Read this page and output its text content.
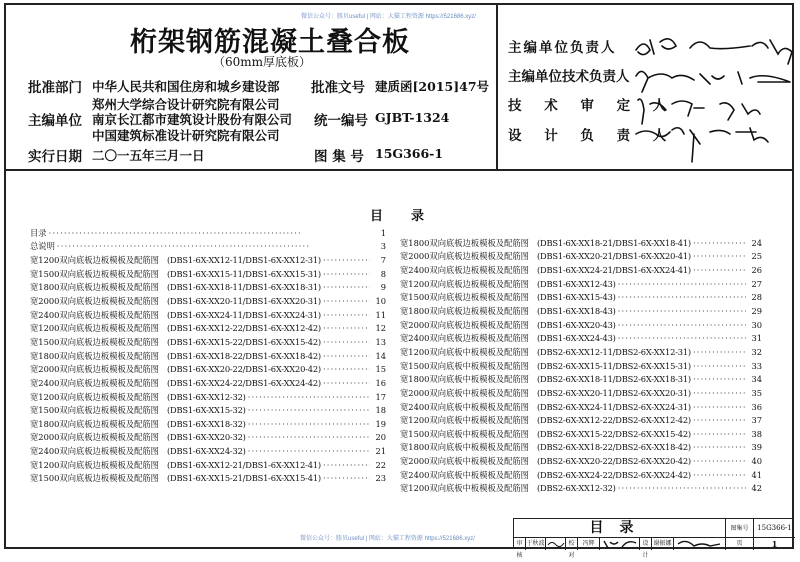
微信公众号：豚贝useful | 网站：大猫工程资源 https://521686.xyz/
桁架钢筋混凝土叠合板
（60mm厚底板）
批准部门 中华人民共和国住房和城乡建设部
郑州大学综合设计研究院有限公司
主编单位 南京长江都市建筑设计股份有限公司
中国建筑标准设计研究院有限公司
实行日期 二〇一五年三月一日
批准文号 建质函[2015]47号
统一编号 GJBT-1324
图 集 号 15G366-1
主编单位负责人
主编单位技术负责人
技 术 审 定 人
设 计 负 责 人
目录
目录 ·····	1
总说明 ·····	3
宽1200双向底板边板模板及配筋图 (DBS1-6X-XX12-11/DBS1-6X-XX12-31) ·····	7
宽1500双向底板边板模板及配筋图 (DBS1-6X-XX15-11/DBS1-6X-XX15-31) ·····	8
宽1800双向底板边板模板及配筋图 (DBS1-6X-XX18-11/DBS1-6X-XX18-31) ·····	9
宽2000双向底板边板模板及配筋图 (DBS1-6X-XX20-11/DBS1-6X-XX20-31) ·····	10
宽2400双向底板边板模板及配筋图 (DBS1-6X-XX24-11/DBS1-6X-XX24-31) ·····	11
宽1200双向底板边板模板及配筋图 (DBS1-6X-XX12-22/DBS1-6X-XX12-42) ·····	12
宽1500双向底板边板模板及配筋图 (DBS1-6X-XX15-22/DBS1-6X-XX15-42) ·····	13
宽1800双向底板边板模板及配筋图 (DBS1-6X-XX18-22/DBS1-6X-XX18-42) ·····	14
宽2000双向底板边板模板及配筋图 (DBS1-6X-XX20-22/DBS1-6X-XX20-42) ·····	15
宽2400双向底板边板模板及配筋图 (DBS1-6X-XX24-22/DBS1-6X-XX24-42) ·····	16
宽1200双向底板边板模板及配筋图 (DBS1-6X-XX12-32) ·····	17
宽1500双向底板边板模板及配筋图 (DBS1-6X-XX15-32) ·····	18
宽1800双向底板边板模板及配筋图 (DBS1-6X-XX18-32) ·····	19
宽2000双向底板边板模板及配筋图 (DBS1-6X-XX20-32) ·····	20
宽2400双向底板边板模板及配筋图 (DBS1-6X-XX24-32) ·····	21
宽1200双向底板边板模板及配筋图 (DBS1-6X-XX12-21/DBS1-6X-XX12-41) ·····	22
宽1500双向底板边板模板及配筋图 (DBS1-6X-XX15-21/DBS1-6X-XX15-41) ·····	23
宽1800双向底板边板模板及配筋图 (DBS1-6X-XX18-21/DBS1-6X-XX18-41) ·····	24
宽2000双向底板边板模板及配筋图 (DBS1-6X-XX20-21/DBS1-6X-XX20-41) ·····	25
宽2400双向底板边板模板及配筋图 (DBS1-6X-XX24-21/DBS1-6X-XX24-41) ·····	26
宽1200双向底板边板模板及配筋图 (DBS1-6X-XX12-43) ·····	27
宽1500双向底板边板模板及配筋图 (DBS1-6X-XX15-43) ·····	28
宽1800双向底板边板模板及配筋图 (DBS1-6X-XX18-43) ·····	29
宽2000双向底板边板模板及配筋图 (DBS1-6X-XX20-43) ·····	30
宽2400双向底板边板模板及配筋图 (DBS1-6X-XX24-43) ·····	31
宽1200双向底板中板模板及配筋图 (DBS2-6X-XX12-11/DBS2-6X-XX12-31) ·····	32
宽1500双向底板中板模板及配筋图 (DBS2-6X-XX15-11/DBS2-6X-XX15-31) ·····	33
宽1800双向底板中板模板及配筋图 (DBS2-6X-XX18-11/DBS2-6X-XX18-31) ·····	34
宽2000双向底板中板模板及配筋图 (DBS2-6X-XX20-11/DBS2-6X-XX20-31) ·····	35
宽2400双向底板中板模板及配筋图 (DBS2-6X-XX24-11/DBS2-6X-XX24-31) ·····	36
宽1200双向底板中板模板及配筋图 (DBS2-6X-XX12-22/DBS2-6X-XX12-42) ·····	37
宽1500双向底板中板模板及配筋图 (DBS2-6X-XX15-22/DBS2-6X-XX15-42) ·····	38
宽1800双向底板中板模板及配筋图 (DBS2-6X-XX18-22/DBS2-6X-XX18-42) ·····	39
宽2000双向底板中板模板及配筋图 (DBS2-6X-XX20-22/DBS2-6X-XX20-42) ·····	40
宽2400双向底板中板模板及配筋图 (DBS2-6X-XX24-22/DBS2-6X-XX24-42) ·····	41
宽1200双向底板中板模板及配筋图 (DBS2-6X-XX12-32) ·····	42
微信公众号：豚贝useful | 网站：大猫工程资源 https://521686.xyz/
目录	图集号	15G366-1
审核
于秋波	校对
冯辉	设计
谢振娜	页	1
